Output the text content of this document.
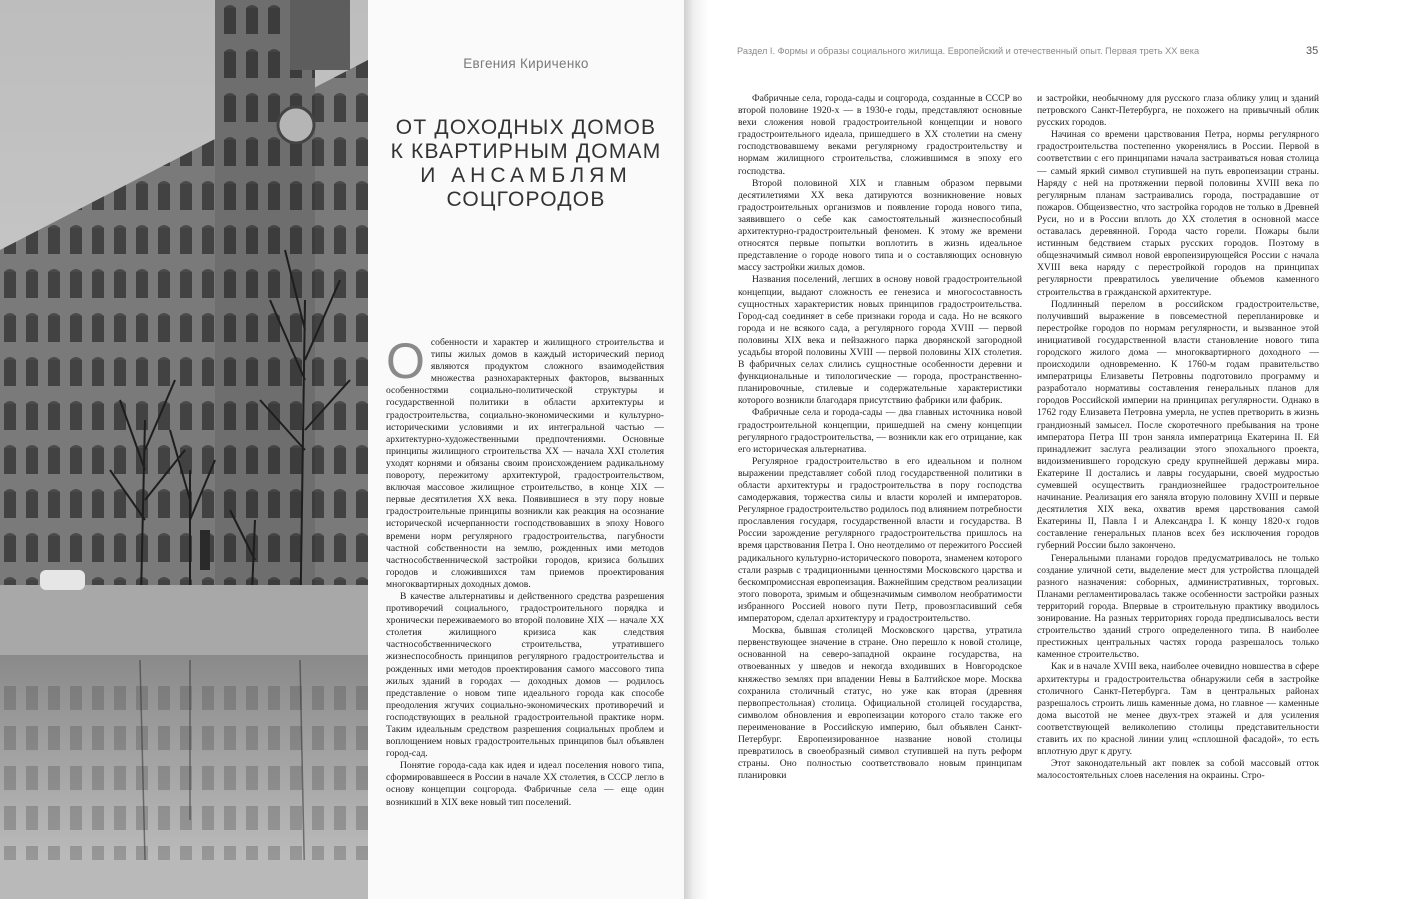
Евгения Кириченко
ОТ ДОХОДНЫХ ДОМОВ
К КВАРТИРНЫМ ДОМАМ
И АНСАМБЛЯМ
СОЦГОРОДОВ

Особенности и характер и жилищного строительства и типы жилых домов в каждый исторический период являются продуктом сложного взаимодействия множества разнохарактерных факторов, вызванных особенностями социально-политической структуры и государственной политики в области архитектуры и градостроительства, социально-экономическими и культурно-историческими условиями и их интегральной частью — архитектурно-художественными предпочтениями. Основные принципы жилищного строительства XX — начала XXI столетия уходят корнями и обязаны своим происхождением радикальному повороту, пережитому архитектурой, градостроительством, включая массовое жилищное строительство, в конце XIX — первые десятилетия XX века. Появившиеся в эту пору новые градостроительные принципы возникли как реакция на осознание исторической исчерпанности господствовавших в эпоху Нового времени норм регулярного градостроительства, пагубности частной собственности на землю, рожденных ими методов частнособственнической застройки городов, кризиса больших городов и сложившихся там приемов проектирования многоквартирных доходных домов.

В качестве альтернативы и действенного средства разрешения противоречий социального, градостроительного порядка и хронически переживаемого во второй половине XIX — начале XX столетия жилищного кризиса как следствия частнособственнического строительства, утратившего жизнеспособность принципов регулярного градостроительства и рожденных ими методов проектирования самого массового типа жилых зданий в городах — доходных домов — родилось представление о новом типе идеального города как способе преодоления жгучих социально-экономических противоречий и господствующих в реальной градостроительной практике норм. Таким идеальным средством разрешения социальных проблем и воплощением новых градостроительных принципов был объявлен город-сад.

Понятие города-сада как идея и идеал поселения нового типа, сформировавшееся в России в начале XX столетия, в СССР легло в основу концепции соцгорода. Фабричные села — еще один возникший в XIX веке новый тип поселений.

Раздел I. Формы и образы социального жилища. Европейский и отечественный опыт. Первая треть XX века	35

Фабричные села, города-сады и соцгорода, созданные в СССР во второй половине 1920-х — в 1930-е годы, представляют основные вехи сложения новой градостроительной концепции и нового градостроительного идеала, пришедшего в XX столетии на смену господствовавшему веками регулярному градостроительству и нормам жилищного строительства, сложившимся в эпоху его господства.

Второй половиной XIX и главным образом первыми десятилетиями XX века датируются возникновение новых градостроительных организмов и появление города нового типа, заявившего о себе как самостоятельный жизнеспособный архитектурно-градостроительный феномен. К этому же времени относятся первые попытки воплотить в жизнь идеальное представление о городе нового типа и о составляющих основную массу застройки жилых домов.

Названия поселений, легших в основу новой градостроительной концепции, выдают сложность ее генезиса и многосоставность сущностных характеристик новых принципов градостроительства. Город-сад соединяет в себе признаки города и сада. Но не всякого города и не всякого сада, а регулярного города XVIII — первой половины XIX века и пейзажного парка дворянской загородной усадьбы второй половины XVIII — первой половины XIX столетия. В фабричных селах слились сущностные особенности деревни и функциональные и типологические — города, пространственно-планировочные, стилевые и содержательные характеристики которого возникли благодаря присутствию фабрики или фабрик.

Фабричные села и города-сады — два главных источника новой градостроительной концепции, пришедшей на смену концепции регулярного градостроительства, — возникли как его отрицание, как его историческая альтернатива.

Регулярное градостроительство в его идеальном и полном выражении представляет собой плод государственной политики в области архитектуры и градостроительства в пору господства самодержавия, торжества силы и власти королей и императоров. Регулярное градостроительство родилось под влиянием потребности прославления государя, государственной власти и государства. В России зарождение регулярного градостроительства пришлось на время царствования Петра I. Оно неотделимо от пережитого Россией радикального культурно-исторического поворота, знаменем которого стали разрыв с традиционными ценностями Московского царства и бескомпромиссная европеизация. Важнейшим средством реализации этого поворота, зримым и общезначимым символом необратимости избранного Россией нового пути Петр, провозгласивший себя императором, сделал архитектуру и градостроительство.

Москва, бывшая столицей Московского царства, утратила первенствующее значение в стране. Оно перешло к новой столице, основанной на северо-западной окраине государства, на отвоеванных у шведов и некогда входивших в Новгородское княжество землях при впадении Невы в Балтийское море. Москва сохранила столичный статус, но уже как вторая (древняя первопрестольная) столица. Официальной столицей государства, символом обновления и европеизации которого стало также его переименование в Российскую империю, был объявлен Санкт-Петербург. Европеизированное название новой столицы превратилось в своеобразный символ ступившей на путь реформ страны. Оно полностью соответствовало новым принципам планировки

и застройки, необычному для русского глаза облику улиц и зданий петровского Санкт-Петербурга, не похожего на привычный облик русских городов.

Начиная со времени царствования Петра, нормы регулярного градостроительства постепенно укоренялись в России. Первой в соответствии с его принципами начала застраиваться новая столица — самый яркий символ ступившей на путь европеизации страны. Наряду с ней на протяжении первой половины XVIII века по регулярным планам застраивались города, пострадавшие от пожаров. Общеизвестно, что застройка городов не только в Древней Руси, но и в России вплоть до XX столетия в основной массе оставалась деревянной. Города часто горели. Пожары были истинным бедствием старых русских городов. Поэтому в общезначимый символ новой европеизирующейся России с начала XVIII века наряду с перестройкой городов на принципах регулярности превратилось увеличение объемов каменного строительства в гражданской архитектуре.

Подлинный перелом в российском градостроительстве, получивший выражение в повсеместной перепланировке и перестройке городов по нормам регулярности, и вызванное этой инициативой государственной власти становление нового типа городского жилого дома — многоквартирного доходного — происходили одновременно. К 1760-м годам правительство императрицы Елизаветы Петровны подготовило программу и разработало нормативы составления генеральных планов для городов Российской империи на принципах регулярности. Однако в 1762 году Елизавета Петровна умерла, не успев претворить в жизнь грандиозный замысел. После скоротечного пребывания на троне императора Петра III трон заняла императрица Екатерина II. Ей принадлежит заслуга реализации этого эпохального проекта, видоизменившего городскую среду крупнейшей державы мира. Екатерине II достались и лавры государыни, своей мудростью сумевшей осуществить грандиознейшее градостроительное начинание. Реализация его заняла вторую половину XVIII и первые десятилетия XIX века, охватив время царствования самой Екатерины II, Павла I и Александра I. К концу 1820-х годов составление генеральных планов всех без исключения городов губерний России было закончено.

Генеральными планами городов предусматривалось не только создание уличной сети, выделение мест для устройства площадей разного назначения: соборных, административных, торговых. Планами регламентировалась также особенности застройки разных территорий города. Впервые в строительную практику вводилось зонирование. На разных территориях города предписывалось вести строительство зданий строго определенного типа. В наиболее престижных центральных частях города разрешалось только каменное строительство.

Как и в начале XVIII века, наиболее очевидно новшества в сфере архитектуры и градостроительства обнаружили себя в застройке столичного Санкт-Петербурга. Там в центральных районах разрешалось строить лишь каменные дома, но главное — каменные дома высотой не менее двух-трех этажей и для усиления соответствующей великолепию столицы представительности ставить их по красной линии улиц «сплошной фасадой», то есть вплотную друг к другу.

Этот законодательный акт повлек за собой массовый отток малосостоятельных слоев населения на окраины. Стро-
